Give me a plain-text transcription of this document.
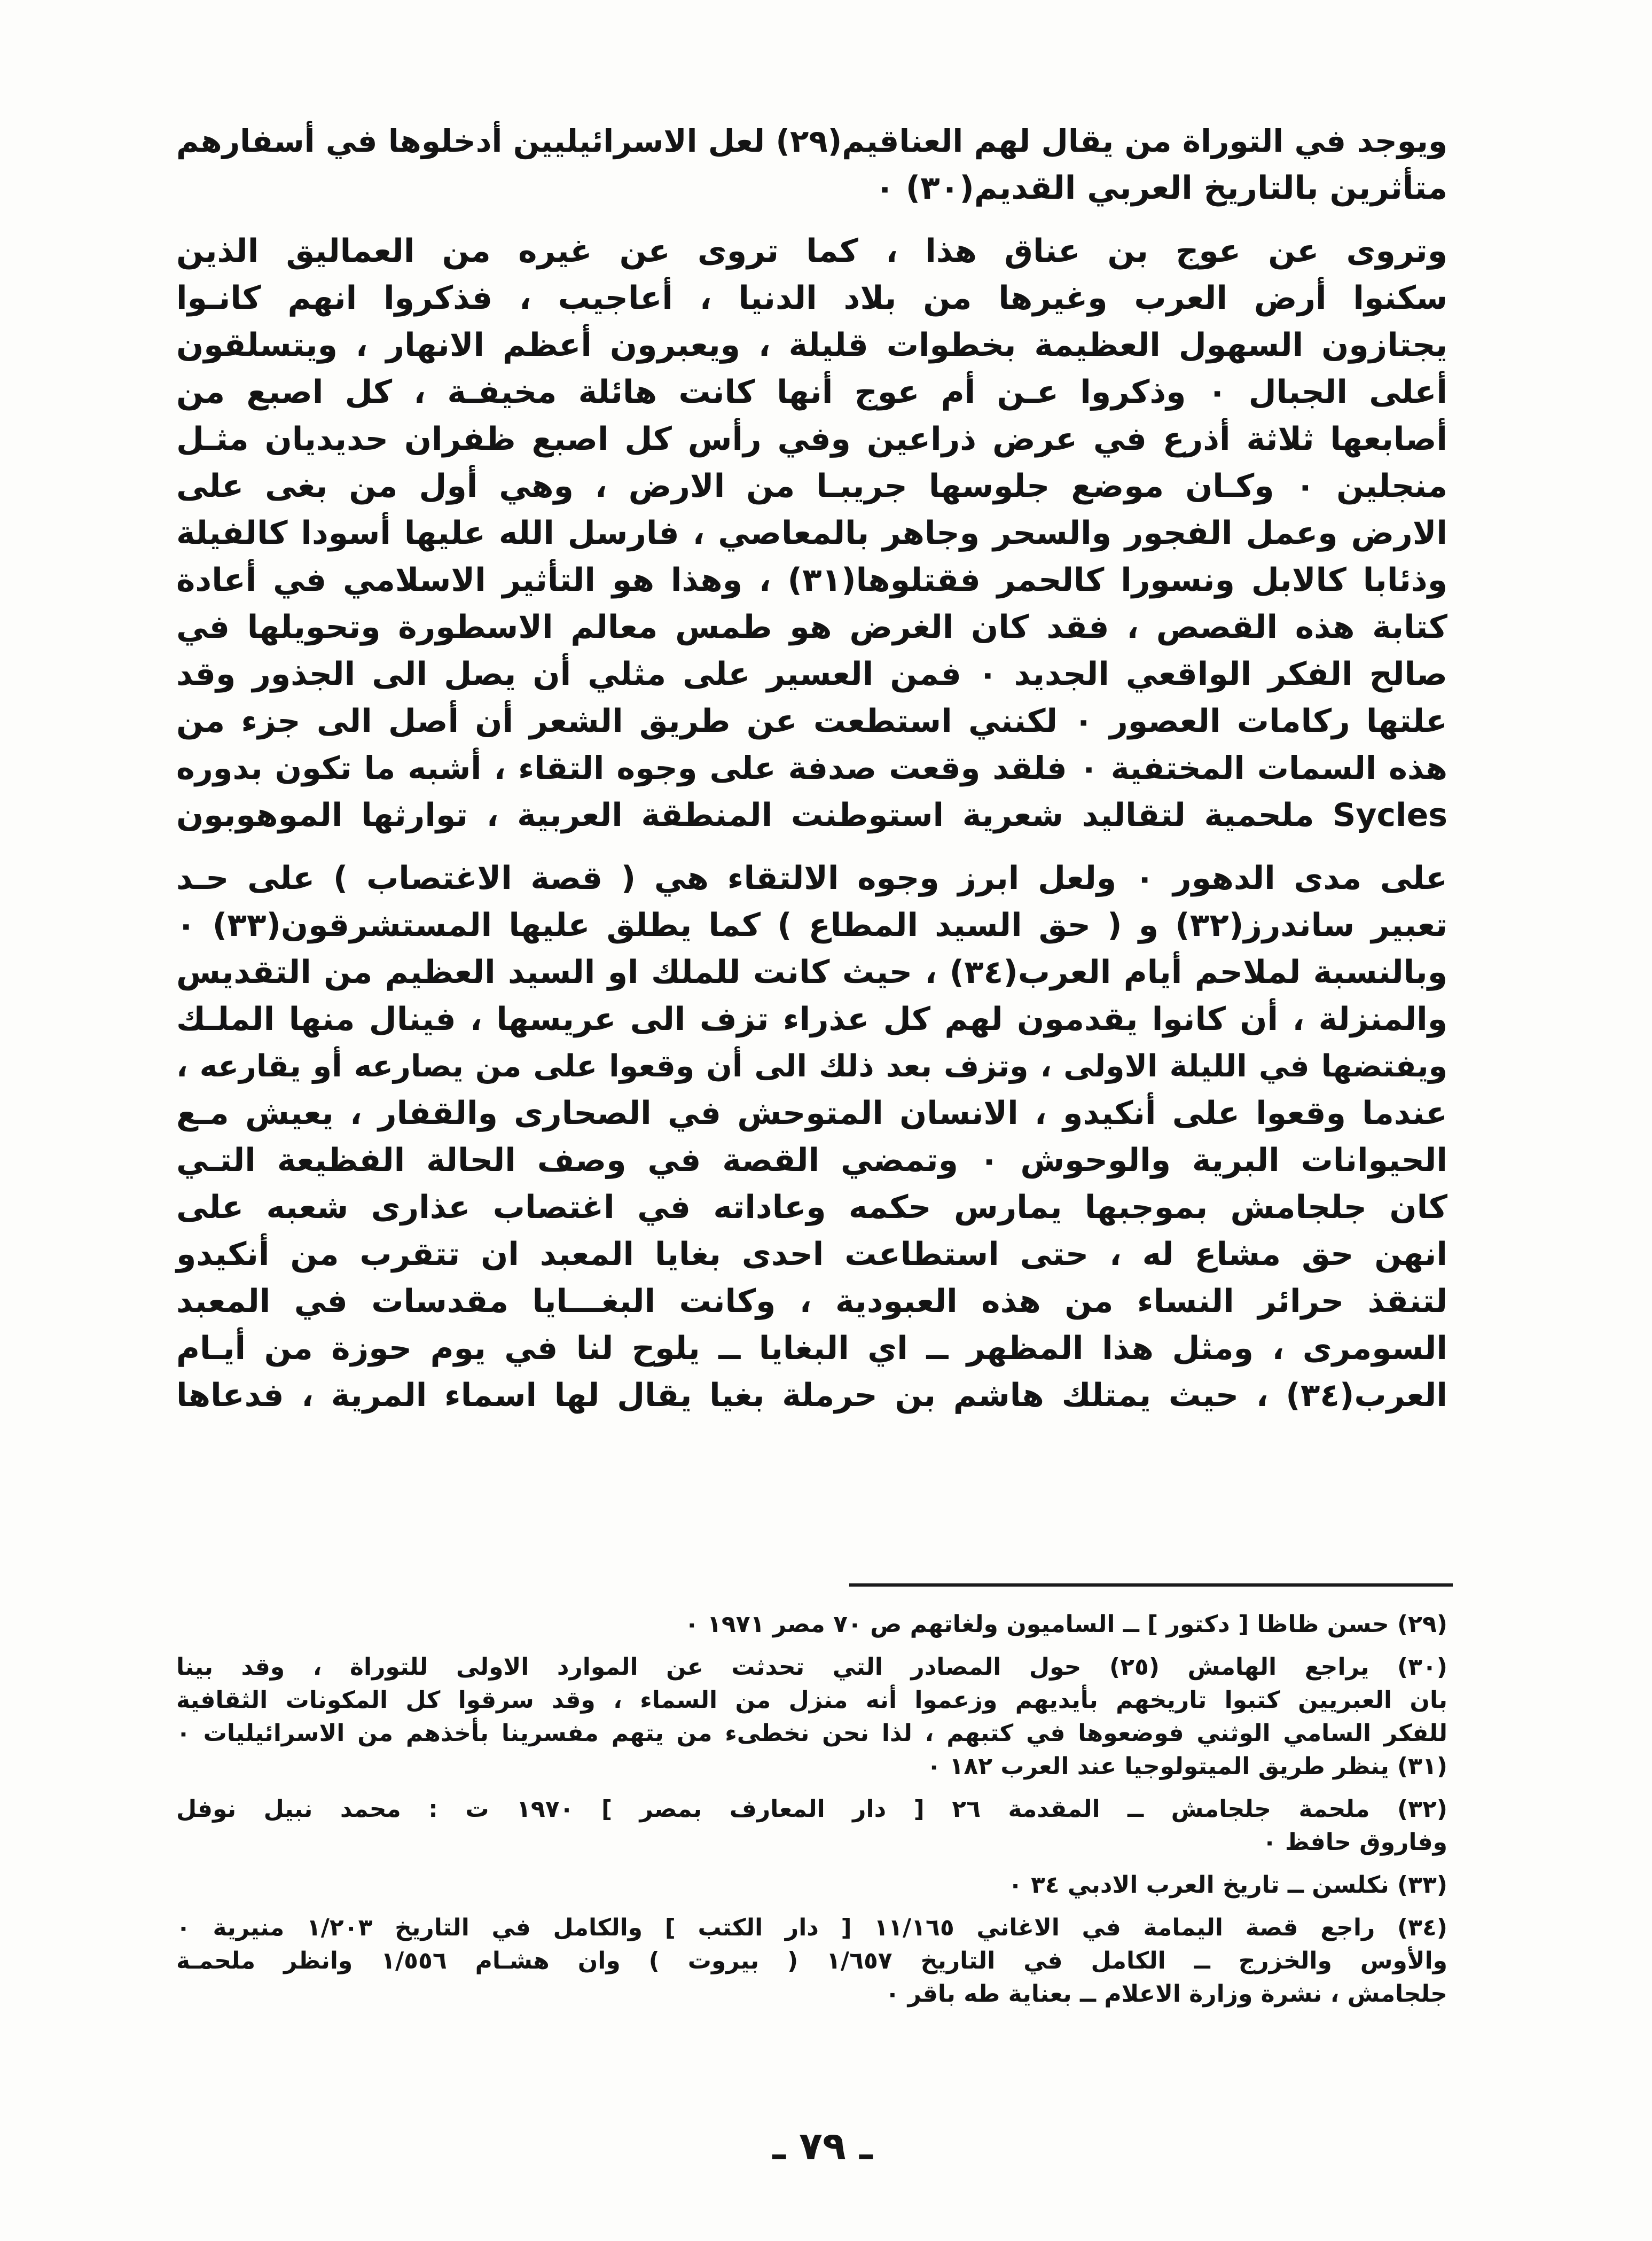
ويوجد في التوراة من يقال لهم العناقيم(٢٩) لعل الاسرائيليين أدخلوها في أسفارهم
متأثرين بالتاريخ العربي القديم(٣٠) ٠
وتروى عن عوج بن عناق هذا ، كما تروى عن غيره من العماليق الذين
سكنوا أرض العرب وغيرها من بلاد الدنيا ، أعاجيب ، فذكروا انهم كانـوا
يجتازون السهول العظيمة بخطوات قليلة ، ويعبرون أعظم الانهار ، ويتسلقون
أعلى الجبال ٠ وذكروا عـن أم عوج أنها كانت هائلة مخيفـة ، كل اصبع من
أصابعها ثلاثة أذرع في عرض ذراعين وفي رأس كل اصبع ظفران حديديان مثـل
منجلين ٠ وكـان موضع جلوسها جريبـا من الارض ، وهي أول من بغى على
الارض وعمل الفجور والسحر وجاهر بالمعاصي ، فارسل الله عليها أسودا كالفيلة
وذئابا كالابل ونسورا كالحمر فقتلوها(٣١) ، وهذا هو التأثير الاسلامي في أعادة
كتابة هذه القصص ، فقد كان الغرض هو طمس معالم الاسطورة وتحويلها في
صالح الفكر الواقعي الجديد ٠ فمن العسير على مثلي أن يصل الى الجذور وقد
علتها ركامات العصور ٠ لكنني استطعت عن طريق الشعر أن أصل الى جزء من
هذه السمات المختفية ٠ فلقد وقعت صدفة على وجوه التقاء ، أشبه ما تكون بدوره
Sycles ملحمية لتقاليد شعرية استوطنت المنطقة العربية ، توارثها الموهوبون
على مدى الدهور ٠ ولعل ابرز وجوه الالتقاء هي ( قصة الاغتصاب ) على حـد
تعبير ساندرز(٣٢) و ( حق السيد المطاع ) كما يطلق عليها المستشرقون(٣٣) ٠
وبالنسبة لملاحم أيام العرب(٣٤) ، حيث كانت للملك او السيد العظيم من التقديس
والمنزلة ، أن كانوا يقدمون لهم كل عذراء تزف الى عريسها ، فينال منها الملـك
ويفتضها في الليلة الاولى ، وتزف بعد ذلك الى أن وقعوا على من يصارعه أو يقارعه ،
عندما وقعوا على أنكيدو ، الانسان المتوحش في الصحارى والقفار ، يعيش مـع
الحيوانات البرية والوحوش ٠ وتمضي القصة في وصف الحالة الفظيعة التـي
كان جلجامش بموجبها يمارس حكمه وعاداته في اغتصاب عذارى شعبه على
انهن حق مشاع له ، حتى استطاعت احدى بغايا المعبد ان تتقرب من أنكيدو
لتنقذ حرائر النساء من هذه العبودية ، وكانت البغـــايا مقدسات في المعبد
السومرى ، ومثل هذا المظهر ــ اي البغايا ــ يلوح لنا في يوم حوزة من أيـام
العرب(٣٤) ، حيث يمتلك هاشم بن حرملة بغيا يقال لها اسماء المرية ، فدعاها
(٢٩) حسن ظاظا [ دكتور ] ــ الساميون ولغاتهم ص ٧٠ مصر ١٩٧١ ٠
(٣٠) يراجع الهامش (٢٥) حول المصادر التي تحدثت عن الموارد الاولى للتوراة ، وقد بينا
بان العبريين كتبوا تاريخهم بأيديهم وزعموا أنه منزل من السماء ، وقد سرقوا كل المكونات الثقافية
للفكر السامي الوثني فوضعوها في كتبهم ، لذا نحن نخطىء من يتهم مفسرينا بأخذهم من الاسرائيليات ٠
(٣١) ينظر طريق الميتولوجيا عند العرب ١٨٢ ٠
(٣٢) ملحمة جلجامش ــ المقدمة ٢٦ [ دار المعارف بمصر ] ١٩٧٠ ت : محمد نبيل نوفل
وفاروق حافظ ٠
(٣٣) نكلسن ــ تاريخ العرب الادبي ٣٤ ٠
(٣٤) راجع قصة اليمامة في الاغاني ١١/١٦٥ [ دار الكتب ] والكامل في التاريخ ١/٢٠٣ منيرية ٠
والأوس والخزرج ــ الكامل في التاريخ ١/٦٥٧ ( بيروت ) وان هشـام ١/٥٥٦ وانظر ملحمـة
جلجامش ، نشرة وزارة الاعلام ــ بعناية طه باقر ٠
ـ ٧٩ ـ
